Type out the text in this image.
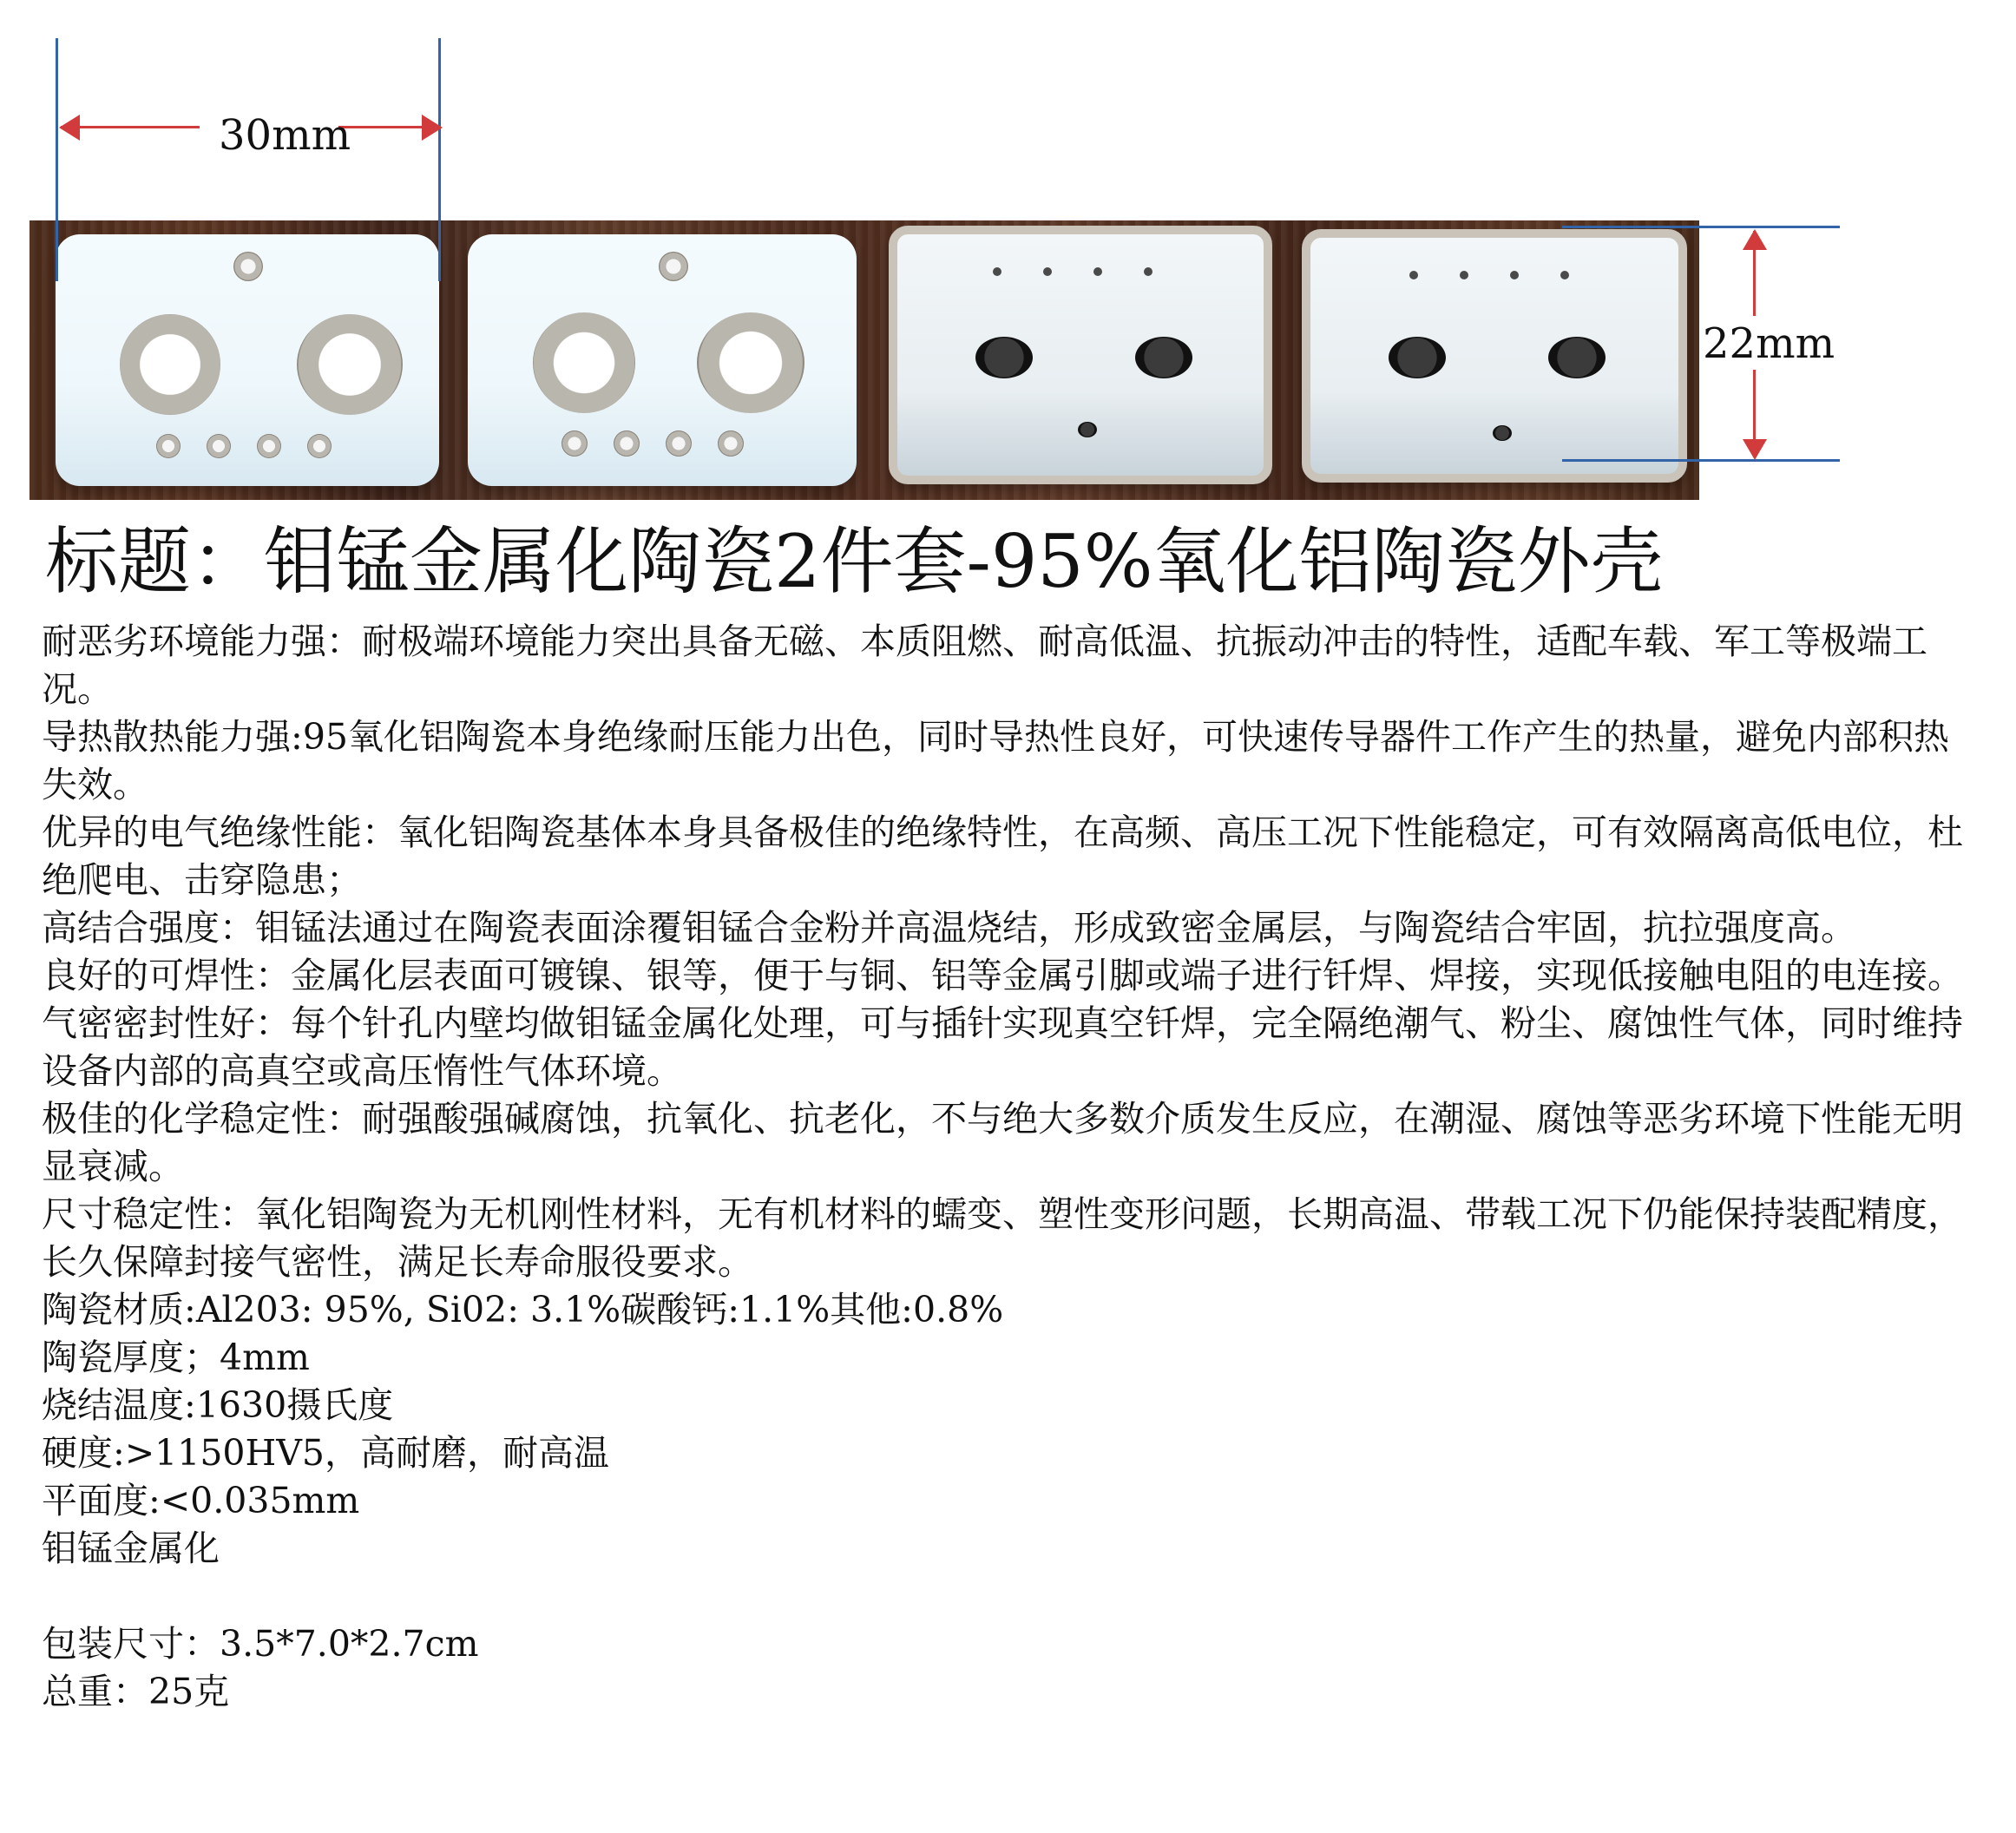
30mm
22mm
标题：钼锰金属化陶瓷2件套-95%氧化铝陶瓷外壳

耐恶劣环境能力强：耐极端环境能力突出具备无磁、本质阻燃、耐高低温、抗振动冲击的特性，适配车载、军工等极端工况。

导热散热能力强:95氧化铝陶瓷本身绝缘耐压能力出色，同时导热性良好，可快速传导器件工作产生的热量，避免内部积热失效。

优异的电气绝缘性能：氧化铝陶瓷基体本身具备极佳的绝缘特性，在高频、高压工况下性能稳定，可有效隔离高低电位，杜绝爬电、击穿隐患；

高结合强度：钼锰法通过在陶瓷表面涂覆钼锰合金粉并高温烧结，形成致密金属层，与陶瓷结合牢固，抗拉强度高。

良好的可焊性：金属化层表面可镀镍、银等，便于与铜、铝等金属引脚或端子进行钎焊、焊接，实现低接触电阻的电连接。

气密密封性好：每个针孔内壁均做钼锰金属化处理，可与插针实现真空钎焊，完全隔绝潮气、粉尘、腐蚀性气体，同时维持设备内部的高真空或高压惰性气体环境。

极佳的化学稳定性：耐强酸强碱腐蚀，抗氧化、抗老化，不与绝大多数介质发生反应，在潮湿、腐蚀等恶劣环境下性能无明显衰减。

尺寸稳定性：氧化铝陶瓷为无机刚性材料，无有机材料的蠕变、塑性变形问题，长期高温、带载工况下仍能保持装配精度，长久保障封接气密性，满足长寿命服役要求。

陶瓷材质:Al203: 95%, Si02: 3.1%碳酸钙:1.1%其他:0.8%

陶瓷厚度；4mm

烧结温度:1630摄氏度

硬度:>1150HV5，高耐磨，耐高温

平面度:<0.035mm

钼锰金属化

包装尺寸：3.5*7.0*2.7cm

总重：25克
